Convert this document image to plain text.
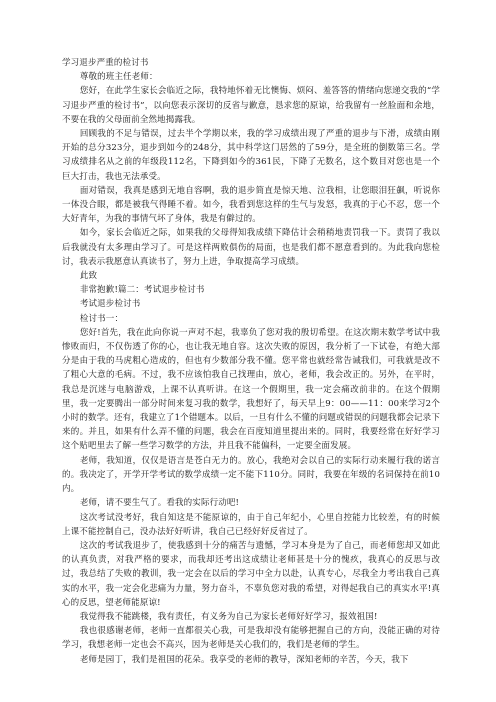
学习退步严重的检讨书

尊敬的班主任老师：

您好，在此学生家长会临近之际，我特地怀着无比懊悔、烦闷、羞答答的情绪向您递交我的“学习退步严重的检讨书”，以向您表示深切的反省与歉意，恳求您的原谅，给我留有一丝脸面和余地，不要在我的父母面前全然地揭露我。

回顾我的不足与错误，过去半个学期以来，我的学习成绩出现了严重的退步与下滑，成绩由刚开始的总分323分，退步到如今的248分，其中科学这门居然的了59分，是全班的倒数第三名。学习成绩排名从之前的年级段112名，下降到如今的361民，下降了无数名，这个数目对您也是一个巨大打击，我也无法承受。

面对错误，我真是感到无地自容啊，我的退步简直是惊天地、泣我相，让您眼泪狂飙，听说你一体没合眼，都是被我气得睡不着。如今，我看到您这样的生气与发怒，我真的于心不忍，您一个大好青年，为我的事情气坏了身体，我是有僻过的。

如今，家长会临近之际，如果我的父母得知我成绩下降估计会稍稍地责罚我一下。责罚了我以后我就没有太多理由学习了。可是这样两败俱伤的局面，也是我们都不愿意看到的。为此我向您检讨，我表示我愿意认真读书了，努力上进，争取提高学习成绩。

此致

非常抱歉!篇二：考试退步检讨书

考试退步检讨书

检讨书一：

您好!首先，我在此向你说一声对不起，我辜负了您对我的殷切希望。在这次期末数学考试中我惨败而归，不仅伤透了你的心，也让我无地自容。这次失败的原因，我分析了一下试卷，有绝大部分是由于我的马虎粗心造成的，但也有少数部分我不懂。您平常也就经常告诫我们，可我就是改不了粗心大意的毛病。不过，我不应该怕我自己找理由，放心，老师，我会改正的。另外，在平时，我总是沉迷与电脑游戏，上课不认真听讲。在这一个假期里，我一定会痛改前非的。在这个假期里，我一定要腾出一部分时间来复习我的数学，我想好了，每天早上9：00——11：00来学习2个小时的数学。还有，我建立了1个错题本。以后，一旦有什么不懂的问题或错误的问题我都会记录下来的。并且，如果有什么弄不懂的问题，我会在百度知道里提出来的。同时，我要经常在好好学习这个贴吧里去了解一些学习数学的方法，并且我不能偏科，一定要全面发展。

老师，我知道，仅仅是语言是苍白无力的。放心，我绝对会以自己的实际行动来履行我的诺言的。我决定了，开学开学考试的数学成绩一定不能下110分。同时，我要在年级的名词保持在前10内。

老师，请不要生气了。看我的实际行动吧!

这次考试没考好，我自知这是不能原谅的，由于自己年纪小，心里自控能力比较差，有的时候上课不能控制自己，没办法好好听讲，我自己已经好好反省过了。

这次的考试我退步了，使我感到十分的痛苦与遗憾，学习本身是为了自己，而老师您却又如此的认真负责，对我严格的要求，而我却还考出这成绩让老师甚是十分的愧疚，我真心的反思与改过，我总结了失败的教训，我一定会在以后的学习中全力以赴，认真专心，尽我全力考出我自己真实的水平，我一定会化悲痛为力量，努力奋斗，不辜负您对我的希望，对得起我自己的真实水平!真心的反思，望老师能原谅!

我觉得我不能跳楼，我有责任，有义务为自己为家长老师好好学习，报效祖国!

我也很感谢老师，老师一直都很关心我，可是我却没有能够把握自己的方向，没能正确的对待学习，我想老师一定也会不高兴，因为老师是关心我们的，我们是老师的学生。

老师是园丁，我们是祖国的花朵。我享受的老师的教导，深知老师的辛苦，今天，我下
